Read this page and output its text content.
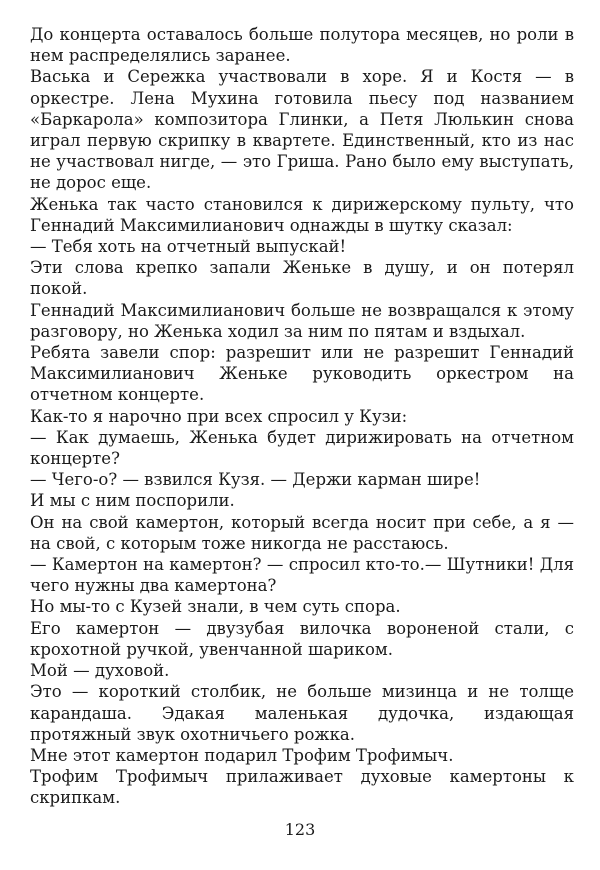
До концерта оставалось больше полутора месяцев, но роли в нем распределялись заранее.

Васька и Сережка участвовали в хоре. Я и Костя — в оркестре. Лена Мухина готовила пьесу под названием «Баркарола» композитора Глинки, а Петя Люлькин снова играл первую скрипку в квартете. Единственный, кто из нас не участвовал нигде, — это Гриша. Рано было ему выступать, не дорос еще.

Женька так часто становился к дирижерскому пульту, что Геннадий Максимилианович однажды в шутку сказал:

— Тебя хоть на отчетный выпускай!

Эти слова крепко запали Женьке в душу, и он потерял покой.

Геннадий Максимилианович больше не возвращался к этому разговору, но Женька ходил за ним по пятам и вздыхал.

Ребята завели спор: разрешит или не разрешит Геннадий Максимилианович Женьке руководить оркестром на отчетном концерте.

Как-то я нарочно при всех спросил у Кузи:

— Как думаешь, Женька будет дирижировать на отчетном концерте?

— Чего-о? — взвился Кузя. — Держи карман шире!

И мы с ним поспорили.

Он на свой камертон, который всегда носит при себе, а я — на свой, с которым тоже никогда не расстаюсь.

— Камертон на камертон? — спросил кто-то.— Шутники! Для чего нужны два камертона?

Но мы-то с Кузей знали, в чем суть спора.

Его камертон — двузубая вилочка вороненой стали, с крохотной ручкой, увенчанной шариком.

Мой — духовой.

Это — короткий столбик, не больше мизинца и не толще карандаша. Эдакая маленькая дудочка, издающая протяжный звук охотничьего рожка.

Мне этот камертон подарил Трофим Трофимыч.

Трофим Трофимыч прилаживает духовые камертоны к скрипкам.

123
